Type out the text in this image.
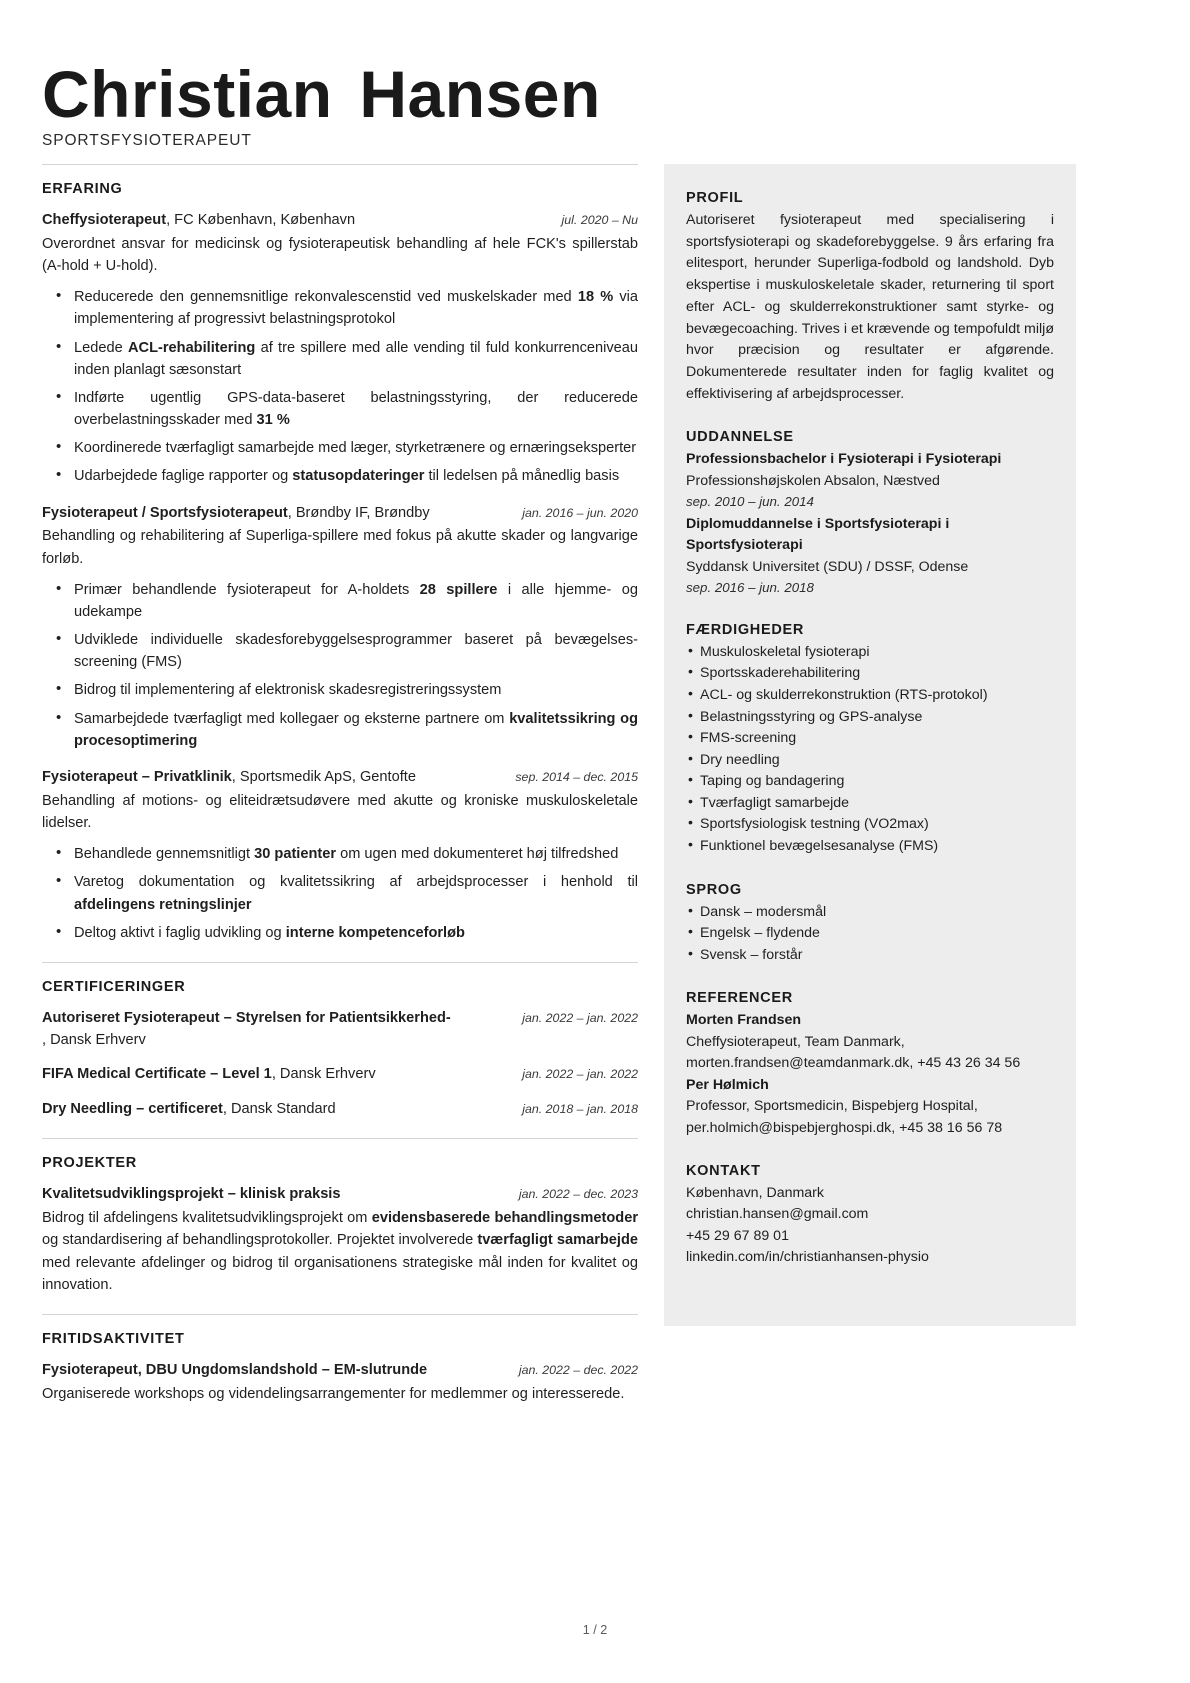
Christian Hansen
SPORTSFYSIOTERAPEUT
ERFARING
Cheffysioterapeut, FC København, København	jul. 2020 – Nu

Overordnet ansvar for medicinsk og fysioterapeutisk behandling af hele FCK's spillerstab (A-hold + U-hold).

• Reducerede den gennemsnitlige rekonvalescenstid ved muskelskader med 18 % via implementering af progressivt belastningsprotokol
• Ledede ACL-rehabilitering af tre spillere med alle vending til fuld konkurrenceniveau inden planlagt sæsonstart
• Indførte ugentlig GPS-data-baseret belastningsstyring, der reducerede overbelastningsskader med 31 %
• Koordinerede tværfagligt samarbejde med læger, styrketrænere og ernæringseksperter
• Udarbejdede faglige rapporter og statusopdateringer til ledelsen på månedlig basis
Fysioterapeut / Sportsfysioterapeut, Brøndby IF, Brøndby	jan. 2016 – jun. 2020

Behandling og rehabilitering af Superliga-spillere med fokus på akutte skader og langvarige forløb.

• Primær behandlende fysioterapeut for A-holdets 28 spillere i alle hjemme- og udekampe
• Udviklede individuelle skadesforebyggelsesprogrammer baseret på bevægelses-screening (FMS)
• Bidrog til implementering af elektronisk skadesregistreringssystem
• Samarbejdede tværfagligt med kollegaer og eksterne partnere om kvalitetssikring og procesoptimering
Fysioterapeut – Privatklinik, Sportsmedik ApS, Gentofte	sep. 2014 – dec. 2015

Behandling af motions- og eliteidrætsudøvere med akutte og kroniske muskuloskeletale lidelser.

• Behandlede gennemsnitligt 30 patienter om ugen med dokumenteret høj tilfredshed
• Varetog dokumentation og kvalitetssikring af arbejdsprocesser i henhold til afdelingens retningslinjer
• Deltog aktivt i faglig udvikling og interne kompetenceforløb
CERTIFICERINGER
Autoriseret Fysioterapeut – Styrelsen for Patientsikkerhed-
, Dansk Erhverv
jan. 2022 – jan. 2022
FIFA Medical Certificate – Level 1, Dansk Erhverv	jan. 2022 – jan. 2022
Dry Needling – certificeret, Dansk Standard	jan. 2018 – jan. 2018
PROJEKTER
Kvalitetsudviklingsprojekt – klinisk praksis	jan. 2022 – dec. 2023

Bidrog til afdelingens kvalitetsudviklingsprojekt om evidensbaserede behandlingsmetoder og standardisering af behandlingsprotokoller. Projektet involverede tværfagligt samarbejde med relevante afdelinger og bidrog til organisationens strategiske mål inden for kvalitet og innovation.

FRITIDSAKTIVITET
Fysioterapeut, DBU Ungdomslandshold – EM-slutrunde	jan. 2022 – dec. 2022

Organiserede workshops og videndelingsarrangementer for medlemmer og interesserede.

PROFIL

Autoriseret fysioterapeut med specialisering i sportsfysioterapi og skadeforebyggelse. 9 års erfaring fra elitesport, herunder Superliga-fodbold og landshold. Dyb ekspertise i muskuloskeletale skader, returnering til sport efter ACL- og skulderrekonstruktioner samt styrke- og bevægecoaching. Trives i et krævende og tempofuldt miljø hvor præcision og resultater er afgørende. Dokumenterede resultater inden for faglig kvalitet og effektivisering af arbejdsprocesser.

UDDANNELSE
Professionsbachelor i Fysioterapi i Fysioterapi
Professionshøjskolen Absalon, Næstved
sep. 2010 – jun. 2014
Diplomuddannelse i Sportsfysioterapi i Sportsfysioterapi
Syddansk Universitet (SDU) / DSSF, Odense
sep. 2016 – jun. 2018
FÆRDIGHEDER
• Muskuloskeletal fysioterapi
• Sportsskaderehabilitering
• ACL- og skulderrekonstruktion (RTS-protokol)
• Belastningsstyring og GPS-analyse
• FMS-screening
• Dry needling
• Taping og bandagering
• Tværfagligt samarbejde
• Sportsfysiologisk testning (VO2max)
• Funktionel bevægelsesanalyse (FMS)
SPROG
• Dansk – modersmål
• Engelsk – flydende
• Svensk – forstår
REFERENCER
Morten Frandsen
Cheffysioterapeut, Team Danmark,
morten.frandsen@teamdanmark.dk, +45 43 26 34 56
Per Hølmich
Professor, Sportsmedicin, Bispebjerg Hospital,
per.holmich@bispebjerghospi.dk, +45 38 16 56 78
KONTAKT
København, Danmark
christian.hansen@gmail.com
+45 29 67 89 01
linkedin.com/in/christianhansen-physio
1 / 2
